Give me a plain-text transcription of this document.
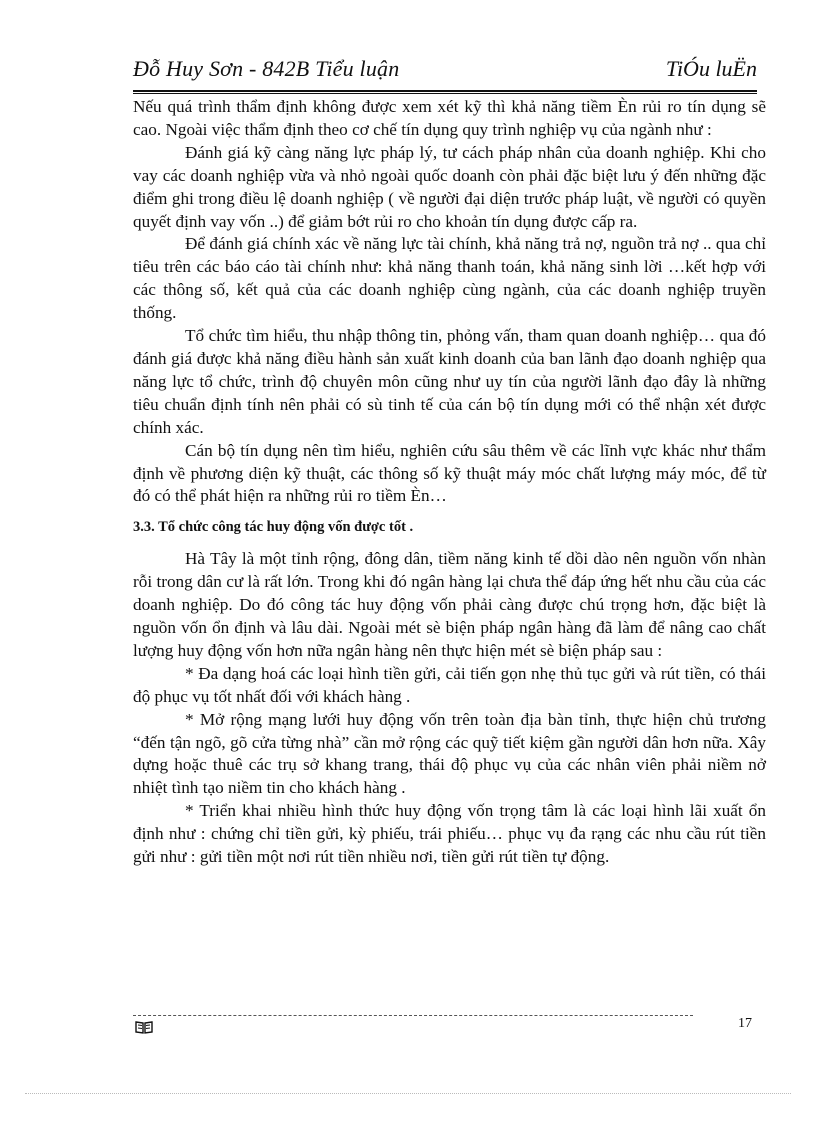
Đỗ Huy Sơn - 842B Tiểu luận	TiÓu luËn

Nếu quá trình thẩm định không được xem xét kỹ thì khả năng tiềm Èn rủi ro tín dụng sẽ cao. Ngoài việc thẩm định theo cơ chế tín dụng quy trình nghiệp vụ của ngành như :

Đánh giá kỹ càng năng lực pháp lý, tư cách pháp nhân của doanh nghiệp. Khi cho vay các doanh nghiệp vừa và nhỏ ngoài quốc doanh còn phải đặc biệt lưu ý đến những đặc điểm ghi trong điều lệ doanh nghiệp ( về người đại diện trước pháp luật, về người có quyền quyết định vay vốn ..) để giảm bớt rủi ro cho khoản tín dụng được cấp ra.

Để đánh giá chính xác về năng lực tài chính, khả năng trả nợ, nguồn trả nợ .. qua chỉ tiêu trên các báo cáo tài chính như: khả năng thanh toán, khả năng sinh lời …kết hợp với các thông số, kết quả của các doanh nghiệp cùng ngành, của các doanh nghiệp truyền thống.

Tổ chức tìm hiểu, thu nhập thông tin, phỏng vấn, tham quan doanh nghiệp… qua đó đánh giá được khả năng điều hành sản xuất kinh doanh của ban lãnh đạo doanh nghiệp qua năng lực tổ chức, trình độ chuyên môn cũng như uy tín của người lãnh đạo đây là những tiêu chuẩn định tính nên phải có sù tinh tế của cán bộ tín dụng mới có thể nhận xét được chính xác.

Cán bộ tín dụng nên tìm hiểu, nghiên cứu sâu thêm về các lĩnh vực khác như thẩm định về phương diện kỹ thuật, các thông số kỹ thuật máy móc chất lượng máy móc, để từ đó có thể phát hiện ra những rủi ro tiềm Èn…

3.3. Tổ chức công tác huy động vốn được tốt .

Hà Tây là một tỉnh rộng, đông dân, tiềm năng kinh tế dồi dào nên nguồn vốn nhàn rỗi trong dân cư là rất lớn. Trong khi đó ngân hàng lại chưa thể đáp ứng hết nhu cầu của các doanh nghiệp. Do đó công tác huy động vốn phải càng được chú trọng hơn, đặc biệt là nguồn vốn ổn định và lâu dài. Ngoài mét sè biện pháp ngân hàng đã làm để nâng cao chất lượng huy động vốn hơn nữa ngân hàng nên thực hiện mét sè biện pháp sau :

* Đa dạng hoá các loại hình tiền gửi, cải tiến gọn nhẹ thủ tục gửi và rút tiền, có thái độ phục vụ tốt nhất đối với khách hàng .

* Mở rộng mạng lưới huy động vốn trên toàn địa bàn tỉnh, thực hiện chủ trương “đến tận ngõ, gõ cửa từng nhà” cần mở rộng các quỹ tiết kiệm gần người dân hơn nữa. Xây dựng hoặc thuê các trụ sở khang trang, thái độ phục vụ của các nhân viên phải niềm nở nhiệt tình tạo niềm tin cho khách hàng .

* Triển khai nhiều hình thức huy động vốn trọng tâm là các loại hình lãi xuất ổn định như : chứng chỉ tiền gửi, kỳ phiếu, trái phiếu… phục vụ đa rạng các nhu cầu rút tiền gửi như : gửi tiền một nơi rút tiền nhiều nơi, tiền gửi rút tiền tự động.

17
